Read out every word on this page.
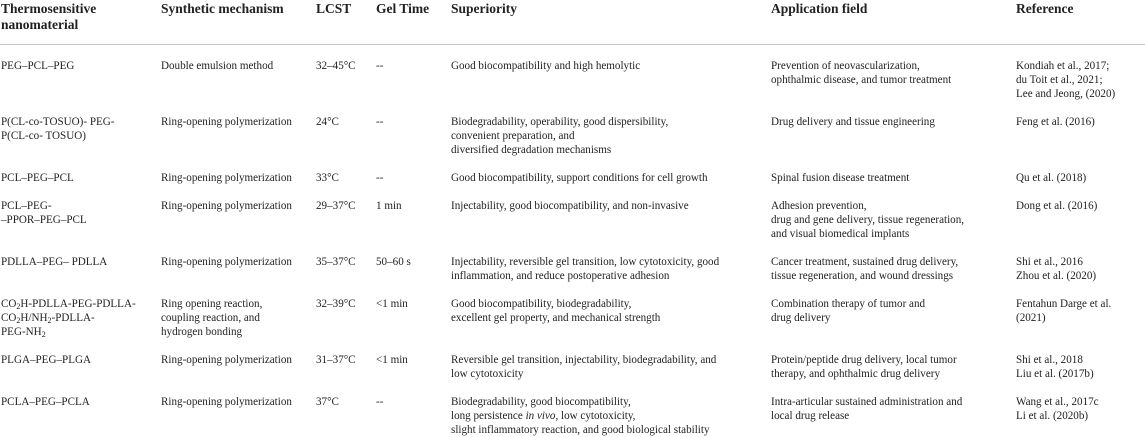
Thermosensitive nanomaterial	Synthetic mechanism	LCST	Gel Time	Superiority	Application field	Reference

PEG–PCL–PEG	Double emulsion method	32–45°C	--	Good biocompatibility and high hemolytic	Prevention of neovascularization,
ophthalmic disease, and tumor treatment	Kondiah et al., 2017;
du Toit et al., 2021;
Lee and Jeong, (2020)

P(CL-co-TOSUO)- PEG-
P(CL-co- TOSUO)	Ring-opening polymerization	24°C	--	Biodegradability, operability, good dispersibility,
convenient preparation, and
diversified degradation mechanisms	Drug delivery and tissue engineering	Feng et al. (2016)

PCL–PEG–PCL	Ring-opening polymerization	33°C	--	Good biocompatibility, support conditions for cell growth	Spinal fusion disease treatment	Qu et al. (2018)

PCL–PEG-
–PPOR–PEG–PCL	Ring-opening polymerization	29–37°C	1 min	Injectability, good biocompatibility, and non-invasive	Adhesion prevention,
drug and gene delivery, tissue regeneration,
and visual biomedical implants	Dong et al. (2016)

PDLLA–PEG– PDLLA	Ring-opening polymerization	35–37°C	50–60 s	Injectability, reversible gel transition, low cytotoxicity, good
inflammation, and reduce postoperative adhesion	Cancer treatment, sustained drug delivery,
tissue regeneration, and wound dressings	Shi et al., 2016
Zhou et al. (2020)

$CO_2H-PDLLA-PEG-PDLLA-$
$CO_2H/NH_2-PDLLA-$
PEG-$NH_2$	Ring opening reaction,
coupling reaction, and
hydrogen bonding	32–39°C	<1 min	Good biocompatibility, biodegradability,
excellent gel property, and mechanical strength	Combination therapy of tumor and
drug delivery	Fentahun Darge et al.
(2021)

PLGA–PEG–PLGA	Ring-opening polymerization	31–37°C	<1 min	Reversible gel transition, injectability, biodegradability, and
low cytotoxicity	Protein/peptide drug delivery, local tumor
therapy, and ophthalmic drug delivery	Shi et al., 2018
Liu et al. (2017b)

PCLA–PEG–PCLA	Ring-opening polymerization	37°C	--	Biodegradability, good biocompatibility,
long persistence in vivo, low cytotoxicity,
slight inflammatory reaction, and good biological stability	Intra-articular sustained administration and
local drug release	Wang et al., 2017c
Li et al. (2020b)
